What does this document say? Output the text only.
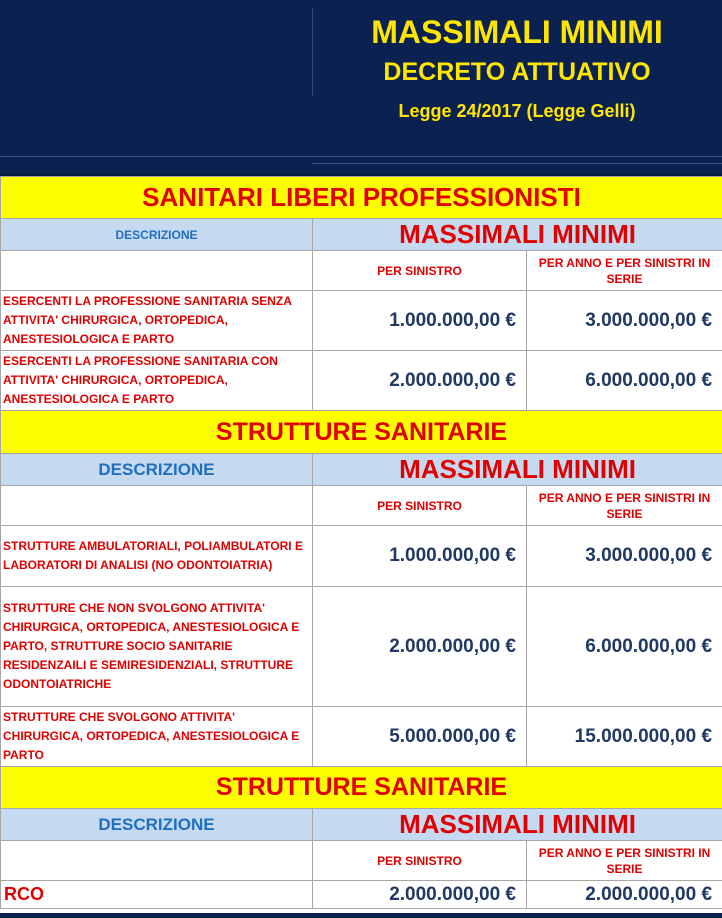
MASSIMALI MINIMI
DECRETO ATTUATIVO
Legge 24/2017 (Legge Gelli)
SANITARI LIBERI PROFESSIONISTI		
DESCRIZIONE	MASSIMALI MINIMI	
	PER SINISTRO	PER ANNO E PER SINISTRI IN SERIE
ESERCENTI LA PROFESSIONE SANITARIA SENZA ATTIVITA' CHIRURGICA, ORTOPEDICA, ANESTESIOLOGICA E PARTO	1.000.000,00 €	3.000.000,00 €
ESERCENTI LA PROFESSIONE SANITARIA CON ATTIVITA' CHIRURGICA, ORTOPEDICA, ANESTESIOLOGICA E PARTO	2.000.000,00 €	6.000.000,00 €
STRUTTURE SANITARIE		
DESCRIZIONE	MASSIMALI MINIMI	
	PER SINISTRO	PER ANNO E PER SINISTRI IN SERIE
STRUTTURE AMBULATORIALI, POLIAMBULATORI E LABORATORI DI ANALISI (NO ODONTOIATRIA)	1.000.000,00 €	3.000.000,00 €
STRUTTURE CHE NON SVOLGONO ATTIVITA' CHIRURGICA, ORTOPEDICA, ANESTESIOLOGICA E PARTO, STRUTTURE SOCIO SANITARIE RESIDENZAILI E SEMIRESIDENZIALI, STRUTTURE ODONTOIATRICHE	2.000.000,00 €	6.000.000,00 €
STRUTTURE CHE SVOLGONO ATTIVITA' CHIRURGICA, ORTOPEDICA, ANESTESIOLOGICA E PARTO	5.000.000,00 €	15.000.000,00 €
STRUTTURE SANITARIE		
DESCRIZIONE	MASSIMALI MINIMI	
	PER SINISTRO	PER ANNO E PER SINISTRI IN SERIE
RCO	2.000.000,00 €	2.000.000,00 €
